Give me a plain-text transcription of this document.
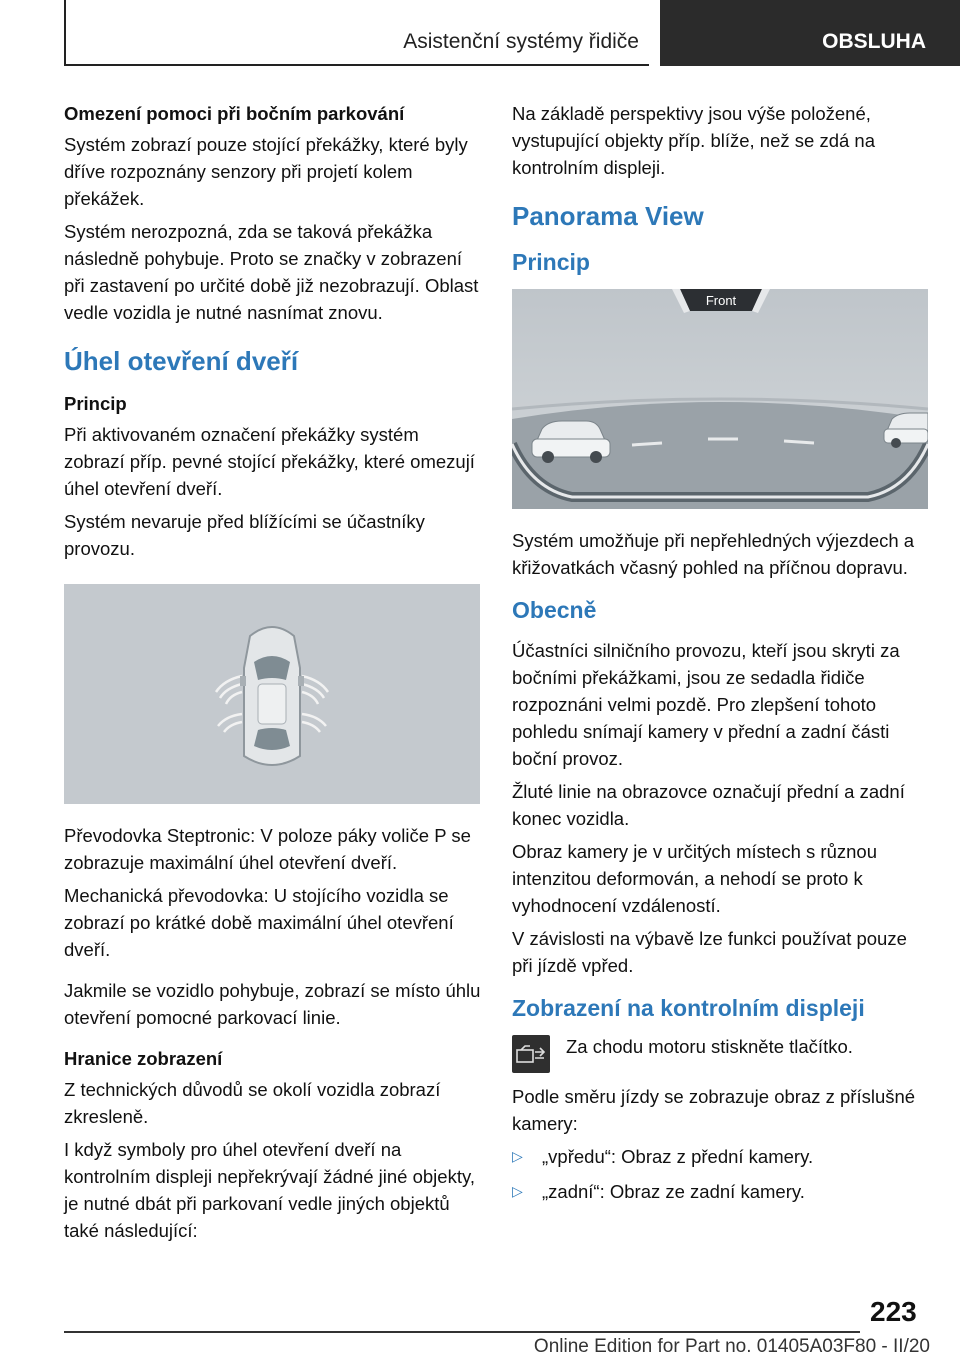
Asistenční systémy řidiče	OBSLUHA
Omezení pomoci při bočním parkování

Systém zobrazí pouze stojící překážky, které byly dříve rozpoznány senzory při projetí kolem překážek.

Systém nerozpozná, zda se taková překážka následně pohybuje. Proto se značky v zobrazení při zastavení po určité době již nezobrazují. Oblast vedle vozidla je nutné nasnímat znovu.

Úhel otevření dveří
Princip

Při aktivovaném označení překážky systém zobrazí příp. pevné stojící překážky, které omezují úhel otevření dveří.

Systém nevaruje před blížícími se účastníky provozu.

Převodovka Steptronic: V poloze páky voliče P se zobrazuje maximální úhel otevření dveří.

Mechanická převodovka: U stojícího vozidla se zobrazí po krátké době maximální úhel otevření dveří.

Jakmile se vozidlo pohybuje, zobrazí se místo úhlu otevření pomocné parkovací linie.

Hranice zobrazení

Z technických důvodů se okolí vozidla zobrazí zkresleně.

I když symboly pro úhel otevření dveří na kontrolním displeji nepřekrývají žádné jiné objekty, je nutné dbát při parkovaní vedle jiných objektů také následující:

Na základě perspektivy jsou výše položené, vystupující objekty příp. blíže, než se zdá na kontrolním displeji.

Panorama View
Princip
Front

Systém umožňuje při nepřehledných výjezdech a křižovatkách včasný pohled na příčnou dopravu.

Obecně

Účastníci silničního provozu, kteří jsou skryti za bočními překážkami, jsou ze sedadla řidiče rozpoznáni velmi pozdě. Pro zlepšení tohoto pohledu snímají kamery v přední a zadní části boční provoz.

Žluté linie na obrazovce označují přední a zadní konec vozidla.

Obraz kamery je v určitých místech s různou intenzitou deformován, a nehodí se proto k vyhodnocení vzdáleností.

V závislosti na výbavě lze funkci používat pouze při jízdě vpřed.

Zobrazení na kontrolním displeji

Za chodu motoru stiskněte tlačítko.

Podle směru jízdy se zobrazuje obraz z příslušné kamery:

▷	„vpředu“: Obraz z přední kamery.
▷	„zadní“: Obraz ze zadní kamery.
223
Online Edition for Part no. 01405A03F80 - II/20
